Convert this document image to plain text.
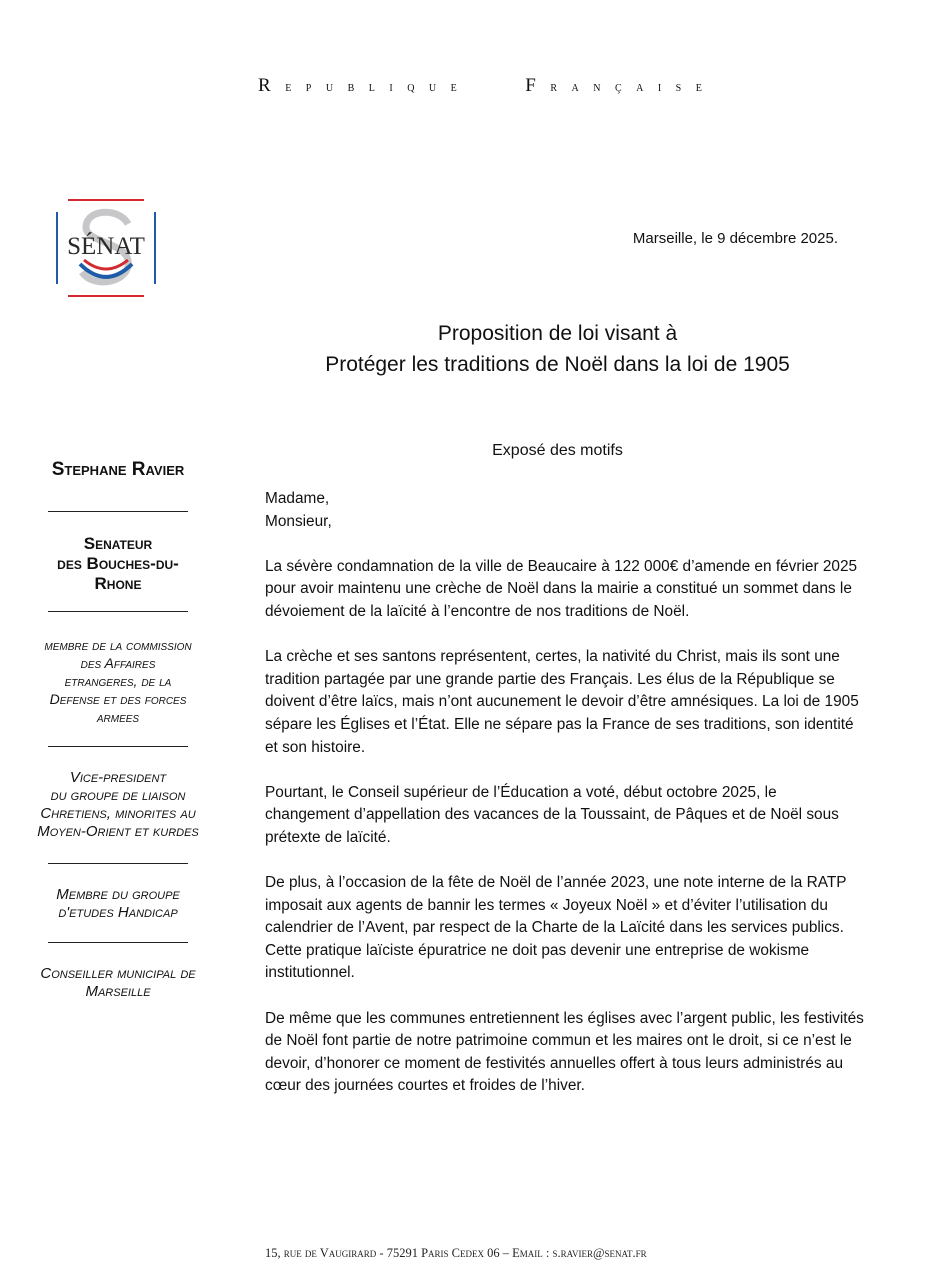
Republique	Française
SÉNAT	Marseille, le 9 décembre 2025.
Proposition de loi visant à
Protéger les traditions de Noël dans la loi de 1905
Exposé des motifs
Stephane Ravier
Senateur
des Bouches-du-
Rhone
membre de la commission
des Affaires
etrangeres, de la
Defense et des forces
armees
Vice-president
du groupe de liaison
Chretiens, minorites au
Moyen-Orient et kurdes
Membre du groupe
d'etudes Handicap
Conseiller municipal de
Marseille

Madame,
Monsieur,

La sévère condamnation de la ville de Beaucaire à 122 000€ d’amende en février 2025 pour avoir maintenu une crèche de Noël dans la mairie a constitué un sommet dans le dévoiement de la laïcité à l’encontre de nos traditions de Noël.

La crèche et ses santons représentent, certes, la nativité du Christ, mais ils sont une tradition partagée par une grande partie des Français. Les élus de la République se doivent d’être laïcs, mais n’ont aucunement le devoir d’être amnésiques. La loi de 1905 sépare les Églises et l’État. Elle ne sépare pas la France de ses traditions, son identité et son histoire.

Pourtant, le Conseil supérieur de l’Éducation a voté, début octobre 2025, le changement d’appellation des vacances de la Toussaint, de Pâques et de Noël sous prétexte de laïcité.

De plus, à l’occasion de la fête de Noël de l’année 2023, une note interne de la RATP imposait aux agents de bannir les termes « Joyeux Noël » et d’éviter l’utilisation du calendrier de l’Avent, par respect de la Charte de la Laïcité dans les services publics.

Cette pratique laïciste épuratrice ne doit pas devenir une entreprise de wokisme institutionnel.

De même que les communes entretiennent les églises avec l’argent public, les festivités de Noël font partie de notre patrimoine commun et les maires ont le droit, si ce n’est le devoir, d’honorer ce moment de festivités annuelles offert à tous leurs administrés au cœur des journées courtes et froides de l’hiver.

15, rue de Vaugirard - 75291 Paris Cedex 06 – Email : s.ravier@senat.fr
